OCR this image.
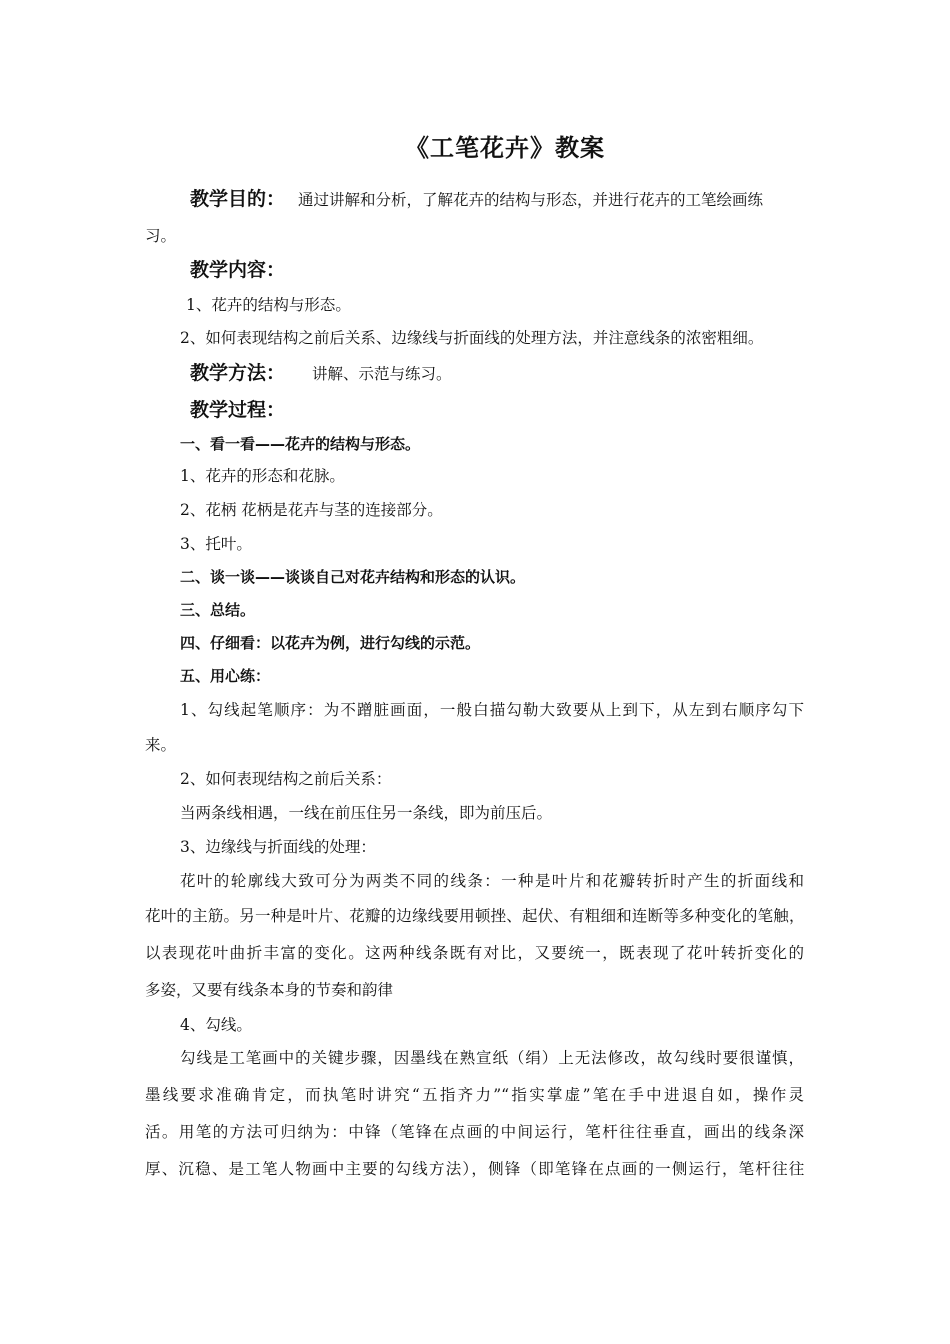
《工笔花卉》教案
教学目的： 通过讲解和分析，了解花卉的结构与形态，并进行花卉的工笔绘画练
习。
教学内容：
1、花卉的结构与形态。
2、如何表现结构之前后关系、边缘线与折面线的处理方法，并注意线条的浓密粗细。
教学方法： 讲解、示范与练习。
教学过程：
一、看一看——花卉的结构与形态。
1、花卉的形态和花脉。
2、花柄 花柄是花卉与茎的连接部分。
3、托叶。
二、谈一谈——谈谈自己对花卉结构和形态的认识。
三、总结。
四、仔细看：以花卉为例，进行勾线的示范。
五、用心练：
1、勾线起笔顺序：为不蹭脏画面，一般白描勾勒大致要从上到下，从左到右顺序勾下
来。
2、如何表现结构之前后关系：
当两条线相遇，一线在前压住另一条线，即为前压后。
3、边缘线与折面线的处理：
花叶的轮廓线大致可分为两类不同的线条：一种是叶片和花瓣转折时产生的折面线和
花叶的主筋。另一种是叶片、花瓣的边缘线要用顿挫、起伏、有粗细和连断等多种变化的笔触，
以表现花叶曲折丰富的变化。这两种线条既有对比，又要统一，既表现了花叶转折变化的
多姿，又要有线条本身的节奏和韵律
4、勾线。
勾线是工笔画中的关键步骤，因墨线在熟宣纸（绢）上无法修改，故勾线时要很谨慎，
墨线要求准确肯定，而执笔时讲究“五指齐力”“指实掌虚”笔在手中进退自如，操作灵
活。用笔的方法可归纳为：中锋（笔锋在点画的中间运行，笔杆往往垂直，画出的线条深
厚、沉稳、是工笔人物画中主要的勾线方法），侧锋（即笔锋在点画的一侧运行，笔杆往往
